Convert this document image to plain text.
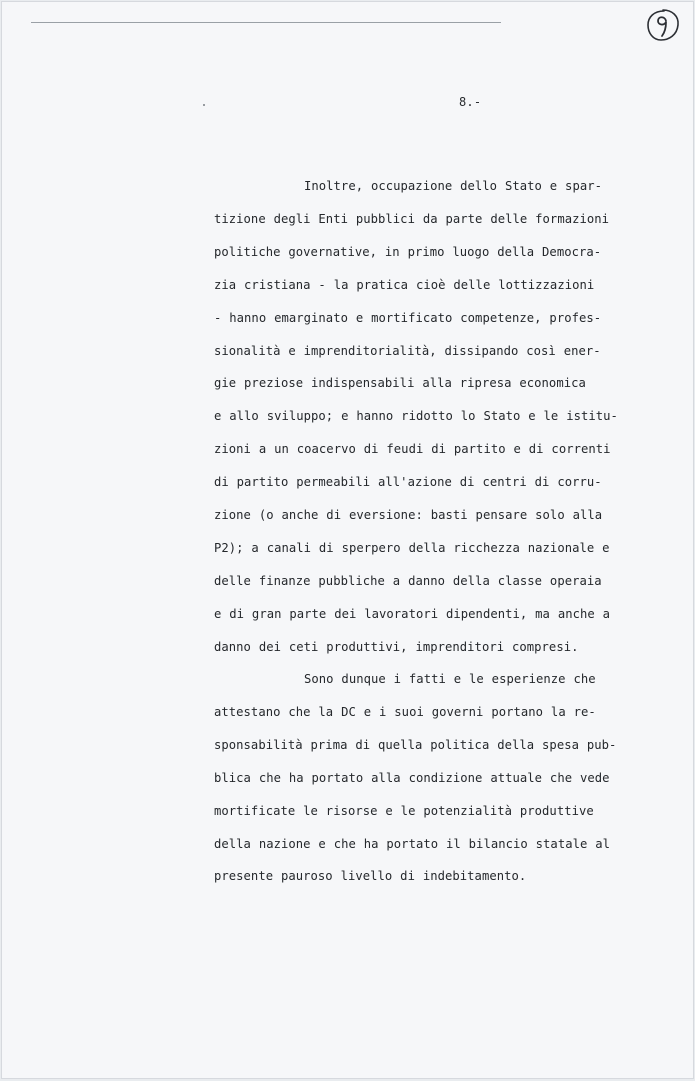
8.-
Inoltre, occupazione dello Stato e spar-
tizione degli Enti pubblici da parte delle formazioni
politiche governative, in primo luogo della Democra-
zia cristiana - la pratica cioè delle lottizzazioni
- hanno emarginato e mortificato competenze, profes-
sionalità e imprenditorialità, dissipando così ener-
gie preziose indispensabili alla ripresa economica
e allo sviluppo; e hanno ridotto lo Stato e le istitu-
zioni a un coacervo di feudi di partito e di correnti
di partito permeabili all'azione di centri di corru-
zione (o anche di eversione: basti pensare solo alla
P2); a canali di sperpero della ricchezza nazionale e
delle finanze pubbliche a danno della classe operaia
e di gran parte dei lavoratori dipendenti, ma anche a
danno dei ceti produttivi, imprenditori compresi.
Sono dunque i fatti e le esperienze che
attestano che la DC e i suoi governi portano la re-
sponsabilità prima di quella politica della spesa pub-
blica che ha portato alla condizione attuale che vede
mortificate le risorse e le potenzialità produttive
della nazione e che ha portato il bilancio statale al
presente pauroso livello di indebitamento.
